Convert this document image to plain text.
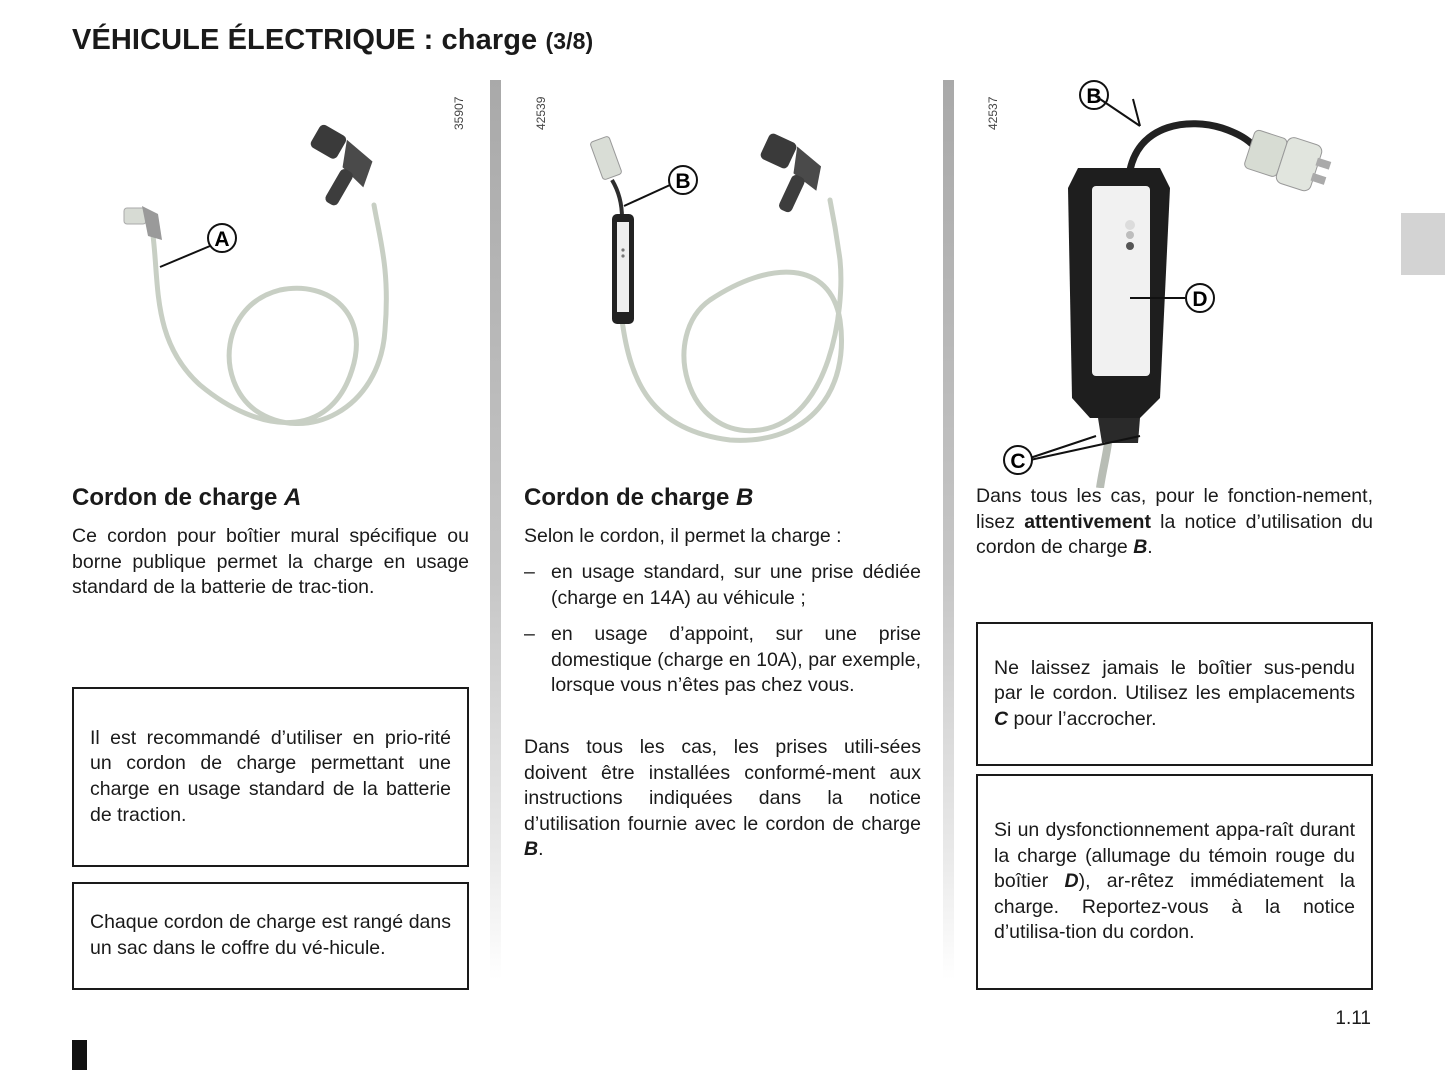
VÉHICULE ÉLECTRIQUE : charge (3/8)
35907	42539	42537
A
B
B
D
C
Cordon de charge A

Ce cordon pour boîtier mural spécifique ou borne publique permet la charge en usage standard de la batterie de trac-tion.

Il est recommandé d’utiliser en prio-rité un cordon de charge permettant une charge en usage standard de la batterie de traction.

Chaque cordon de charge est rangé dans un sac dans le coffre du vé-hicule.

Cordon de charge B

Selon le cordon, il permet la charge :

– en usage standard, sur une prise dédiée (charge en 14A) au véhicule ;
– en usage d’appoint, sur une prise domestique (charge en 10A), par exemple, lorsque vous n’êtes pas chez vous.

Dans tous les cas, les prises utili-sées doivent être installées conformé-ment aux instructions indiquées dans la notice d’utilisation fournie avec le cordon de charge B.

Dans tous les cas, pour le fonction-nement, lisez attentivement la notice d’utilisation du cordon de charge B.

Ne laissez jamais le boîtier sus-pendu par le cordon. Utilisez les emplacements C pour l’accrocher.

Si un dysfonctionnement appa-raît durant la charge (allumage du témoin rouge du boîtier D), ar-rêtez immédiatement la charge. Reportez-vous à la notice d’utilisa-tion du cordon.

1.11
